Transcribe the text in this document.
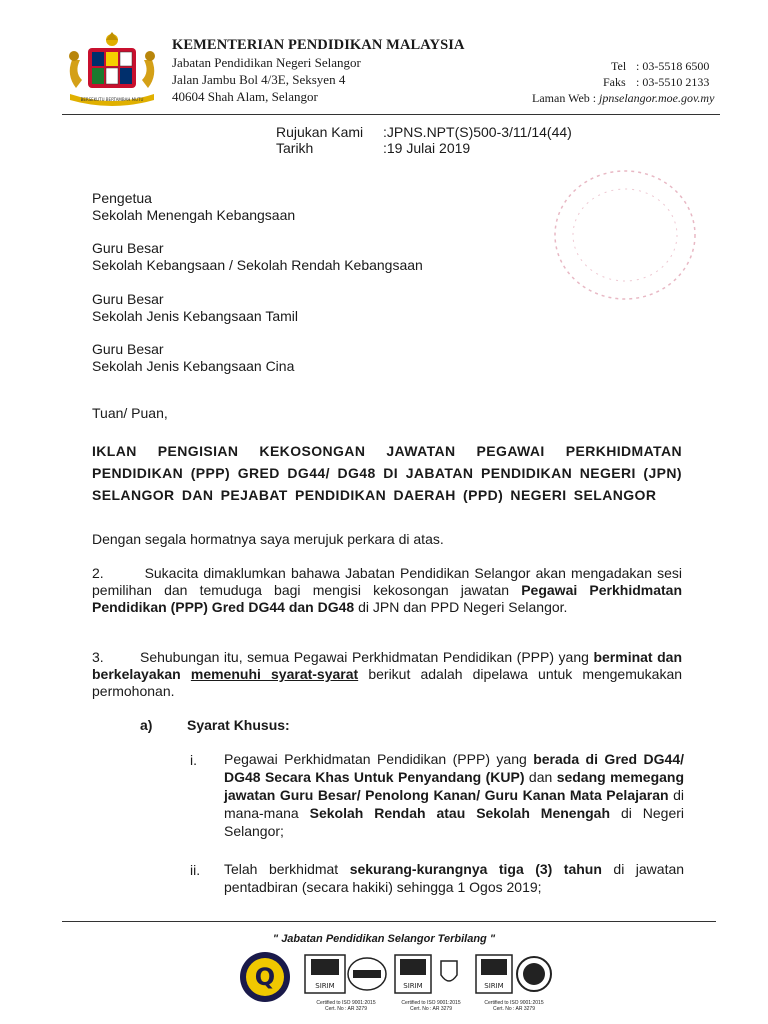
BERSEKUTU BERTAMBAH MUTU
KEMENTERIAN PENDIDIKAN MALAYSIA
Jabatan Pendidikan Negeri Selangor
Jalan Jambu Bol 4/3E, Seksyen 4
40604 Shah Alam, Selangor
Tel : 03-5518 6500
Faks : 03-5510 2133
Laman Web : jpnselangor.moe.gov.my
Rujukan Kami :JPNS.NPT(S)500-3/11/14(44)
Tarikh	:19 Julai 2019
Pengetua
Sekolah Menengah Kebangsaan
Guru Besar
Sekolah Kebangsaan / Sekolah Rendah Kebangsaan
Guru Besar
Sekolah Jenis Kebangsaan Tamil
Guru Besar
Sekolah Jenis Kebangsaan Cina
Tuan/ Puan,
IKLAN PENGISIAN KEKOSONGAN JAWATAN PEGAWAI PERKHIDMATAN PENDIDIKAN (PPP) GRED DG44/ DG48 DI JABATAN PENDIDIKAN NEGERI (JPN) SELANGOR DAN PEJABAT PENDIDIKAN DAERAH (PPD) NEGERI SELANGOR
Dengan segala hormatnya saya merujuk perkara di atas.
2.	Sukacita dimaklumkan bahawa Jabatan Pendidikan Selangor akan mengadakan sesi pemilihan dan temuduga bagi mengisi kekosongan jawatan Pegawai Perkhidmatan Pendidikan (PPP) Gred DG44 dan DG48 di JPN dan PPD Negeri Selangor.
3.	Sehubungan itu, semua Pegawai Perkhidmatan Pendidikan (PPP) yang berminat dan berkelayakan memenuhi syarat-syarat berikut adalah dipelawa untuk mengemukakan permohonan.
a) Syarat Khusus:
i. Pegawai Perkhidmatan Pendidikan (PPP) yang berada di Gred DG44/ DG48 Secara Khas Untuk Penyandang (KUP) dan sedang memegang jawatan Guru Besar/ Penolong Kanan/ Guru Kanan Mata Pelajaran di mana-mana Sekolah Rendah atau Sekolah Menengah di Negeri Selangor;
ii. Telah berkhidmat sekurang-kurangnya tiga (3) tahun di jawatan pentadbiran (secara hakiki) sehingga 1 Ogos 2019;
" Jabatan Pendidikan Selangor Terbilang "
Q	SIRIM
Certified to ISO 9001:2015
Cert. No : AR 3279
SIRIM
Certified to ISO 9001:2015
Cert. No : AR 3279
SIRIM
Certified to ISO 9001:2015
Cert. No : AR 3279
